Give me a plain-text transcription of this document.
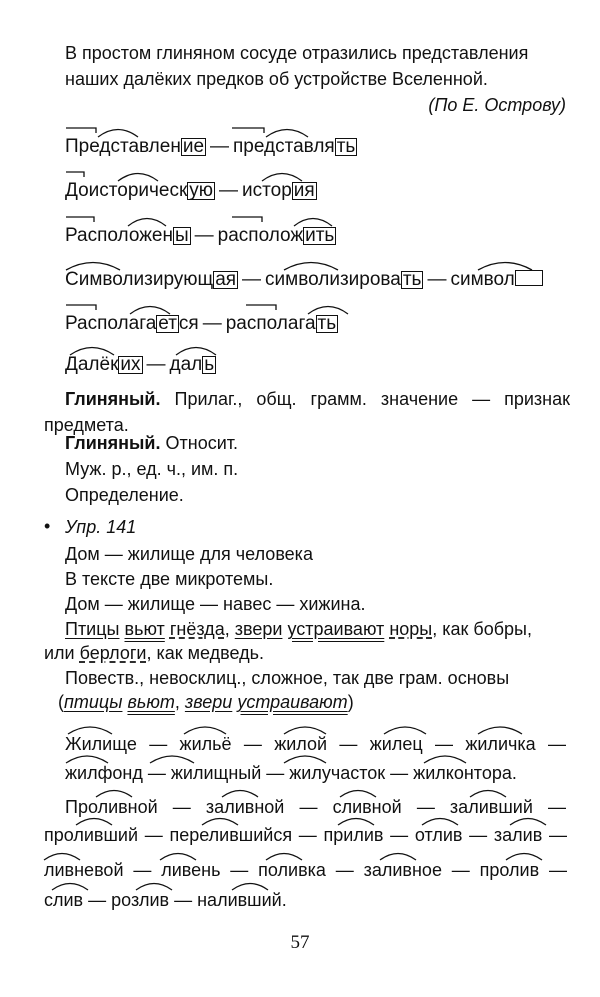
В простом глиняном сосуде отразились представления
наших далёких предков об устройстве Вселенной.
(По Е. Острову)
Представлен ие — представля ть
Доисторическ ую — истор ия
Расположен ы — располож ить
Символизирующ ая — символизирова ть — символ
Располага ет ся — располага ть
Далёк их — дал ь
Глиняный. Прилаг., общ. грамм. значение — признак
предмета.
Глиняный. Относит.
Муж. р., ед. ч., им. п.
Определение.
• Упр. 141
Дом — жилище для человека
В тексте две микротемы.
Дом — жилище — навес — хижина.
Птицы вьют гнёзда, звери устраивают норы, как бобры,
или берлоги, как медведь.
Повеств., невосклиц., сложное, так две грам. основы
(птицы вьют, звери устраивают)
Жилище — жильё — жилой — жилец — жиличка —
жилфонд — жилищный — жилучасток — жилконтора.
Проливной — заливной — сливной — заливший —
проливший — перелившийся — прилив — отлив — залив —
ливневой — ливень — поливка — заливное — пролив —
слив — розлив — наливший.
57
